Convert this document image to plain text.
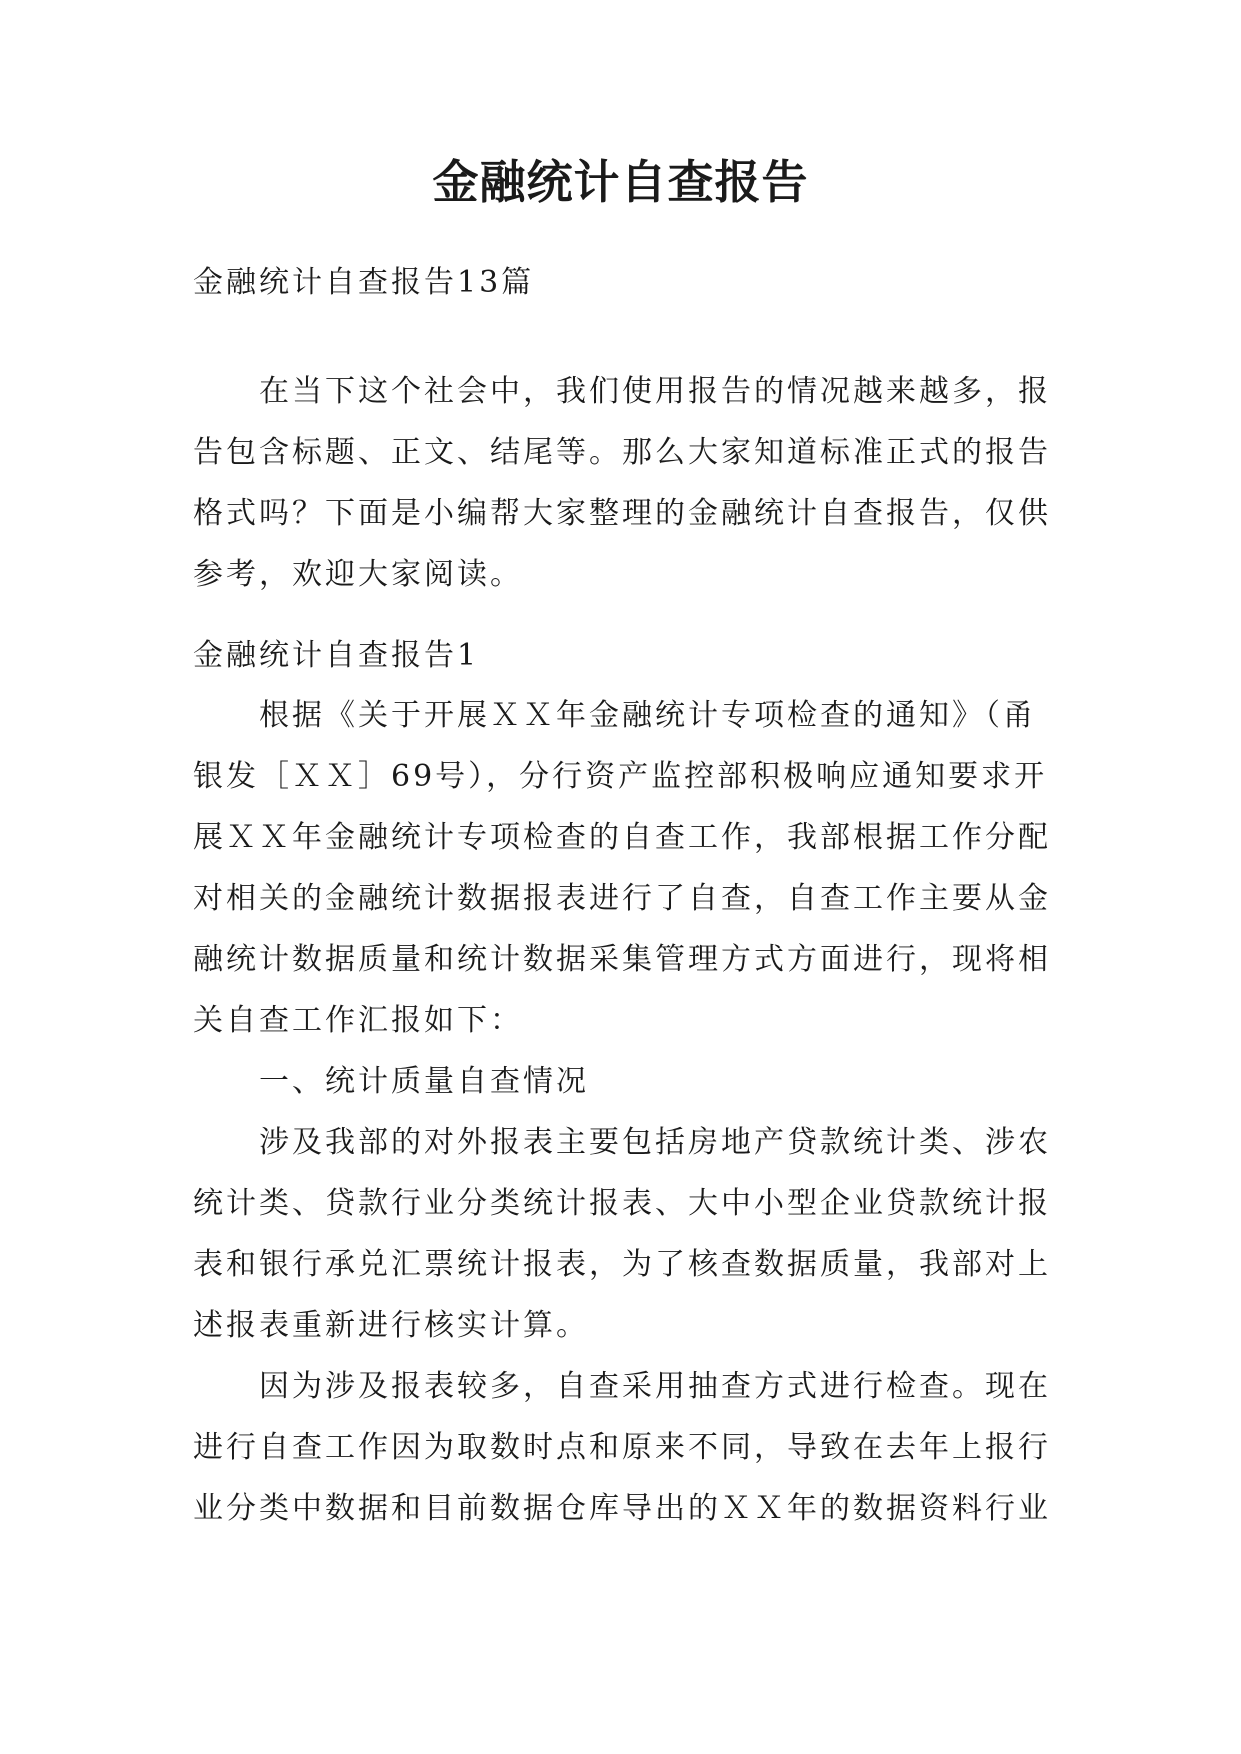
金融统计自查报告

金融统计自查报告13篇

在当下这个社会中，我们使用报告的情况越来越多，报
告包含标题、正文、结尾等。那么大家知道标准正式的报告
格式吗？下面是小编帮大家整理的金融统计自查报告，仅供
参考，欢迎大家阅读。

金融统计自查报告1

根据《关于开展ＸＸ年金融统计专项检查的通知》（甬
银发［ＸＸ］69号），分行资产监控部积极响应通知要求开
展ＸＸ年金融统计专项检查的自查工作，我部根据工作分配
对相关的金融统计数据报表进行了自查，自查工作主要从金
融统计数据质量和统计数据采集管理方式方面进行，现将相
关自查工作汇报如下：
一、统计质量自查情况
涉及我部的对外报表主要包括房地产贷款统计类、涉农
统计类、贷款行业分类统计报表、大中小型企业贷款统计报
表和银行承兑汇票统计报表，为了核查数据质量，我部对上
述报表重新进行核实计算。
因为涉及报表较多，自查采用抽查方式进行检查。现在
进行自查工作因为取数时点和原来不同，导致在去年上报行
业分类中数据和目前数据仓库导出的ＸＸ年的数据资料行业
